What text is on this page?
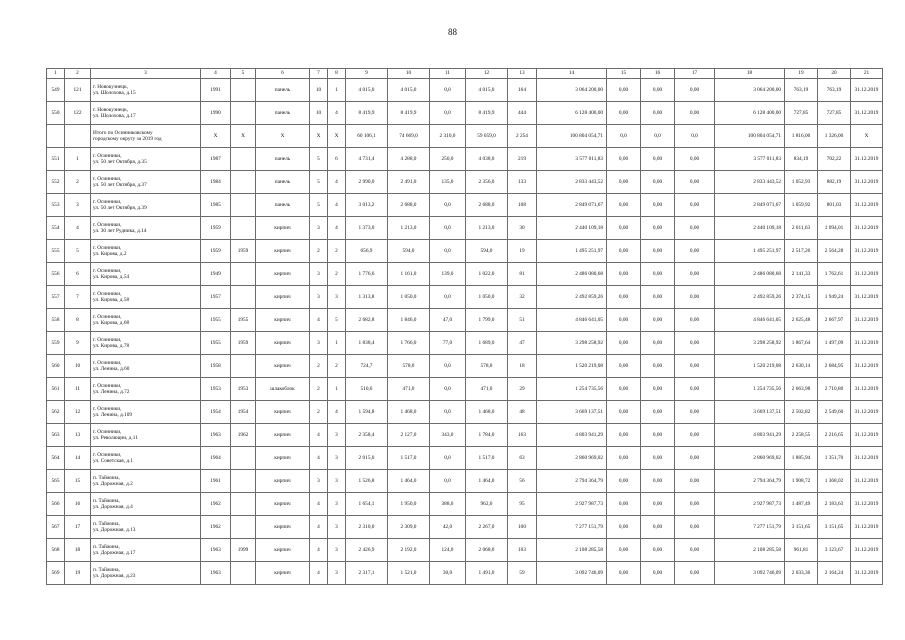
88
1	2	3	4	5	6	7	8	9	10	11	12	13	14	15	16	17	18	19	20	21
549	121	г. Новокузнецк,
ул. Шолохова, д.15	1991		панель	10	1	4 015,0	4 015,0	0,0	4 015,0	164	3 064 200,00	0,00	0,00	0,00	3 064 200,00	763,19	763,19	31.12.2019
550	122	г. Новокузнецк,
ул. Шолохова, д.17	1990		панель	10	4	8 419,9	8 419,9	0,0	8 419,9	444	6 128 400,00	0,00	0,00	0,00	6 128 400,00	727,85	727,85	31.12.2019
		Итого по Осинниковскому
городскому округу за 2019 год	Х	Х	Х	Х	Х	60 106,1	74 669,0	2 310,0	59 059,0	2 254	100 804 054,71	0,0	0,0	0,0	100 804 054,71	1 816,00	1 326,00	Х
551	1	г. Осинники,
ул. 50 лет Октября, д.35	1987		панель	5	6	4 731,4	4 288,0	250,0	4 038,0	219	3 577 011,83	0,00	0,00	0,00	3 577 011,83	834,19	702,22	31.12.2019
552	2	г. Осинники,
ул. 50 лет Октября, д.37	1984		панель	5	4	2 990,0	2 491,0	135,0	2 356,0	133	2 833 443,52	0,00	0,00	0,00	2 833 443,52	1 052,93	882,19	31.12.2019
553	3	г. Осинники,
ул. 50 лет Октября, д.39	1985		панель	5	4	3 013,2	2 688,0	0,0	2 688,0	108	2 849 071,67	0,00	0,00	0,00	2 849 071,67	1 059,92	801,03	31.12.2019
554	4	г. Осинники,
ул. 30 лет Рудника, д.14	1959		кирпич	3	4	1 373,0	1 213,0	0,0	1 213,0	30	2 440 109,18	0,00	0,00	0,00	2 440 109,18	2 011,63	1 094,01	31.12.2019
555	5	г. Осинники,
ул. Кирова, д.2	1959	1959	кирпич	2	2	656,9	594,0	0,0	594,0	19	1 495 251,97	0,00	0,00	0,00	1 495 251,97	2 517,26	2 564,28	31.12.2019
556	6	г. Осинники,
ул. Кирова, д.54	1949		кирпич	3	2	1 776,6	1 161,0	139,0	1 022,0	81	2 486 080,68	0,00	0,00	0,00	2 486 080,68	2 141,33	1 762,61	31.12.2019
557	7	г. Осинники,
ул. Кирова, д.58	1957		кирпич	3	3	1 313,8	1 050,0	0,0	1 050,0	32	2 492 859,26	0,00	0,00	0,00	2 492 859,26	2 374,15	1 949,24	31.12.2019
558	8	г. Осинники,
ул. Кирова, д.68	1955	1955	кирпич	4	5	2 682,8	1 846,0	47,0	1 799,0	51	4 846 641,05	0,00	0,00	0,00	4 846 641,05	2 625,48	2 667,97	31.12.2019
559	9	г. Осинники,
ул. Кирова, д.78	1955	1959	кирпич	3	1	1 838,4	1 766,0	77,0	1 689,0	47	3 298 258,92	0,00	0,00	0,00	3 298 258,92	1 867,64	1 497,09	31.12.2019
560	10	г. Осинники,
ул. Ленина, д.60	1958		кирпич	2	2	724,7	578,0	0,0	578,0	18	1 520 219,08	0,00	0,00	0,00	1 520 219,08	2 630,14	2 684,95	31.12.2019
561	11	г. Осинники,
ул. Ленина, д.72	1953	1953	шлакоблок	2	1	510,6	471,0	0,0	471,0	29	1 254 735,56	0,00	0,00	0,00	1 254 735,56	2 663,98	2 710,80	31.12.2019
562	12	г. Осинники,
ул. Ленина, д.109	1954	1954	кирпич	2	4	1 594,8	1 468,0	0,0	1 468,0	48	3 669 137,51	0,00	0,00	0,00	3 669 137,51	2 502,82	2 549,60	31.12.2019
563	13	г. Осинники,
ул. Революции, д.11	1963	1962	кирпич	4	3	2 358,4	2 127,0	343,0	1 784,0	163	4 803 941,29	0,00	0,00	0,00	4 803 941,29	2 258,55	2 216,65	31.12.2019
564	14	г. Осинники,
ул. Советская, д.1	1964		кирпич	4	3	2 015,0	1 517,0	0,0	1 517,0	63	2 860 969,02	0,00	0,00	0,00	2 860 969,02	1 885,94	1 351,70	31.12.2019
565	15	п. Тайжина,
ул. Дорожная, д.2	1961		кирпич	3	3	1 526,8	1 464,0	0,0	1 464,0	56	2 794 364,79	0,00	0,00	0,00	2 794 364,79	1 908,72	1 368,02	31.12.2019
566	16	п. Тайжина,
ул. Дорожная, д.4	1962		кирпич	4	3	1 654,1	1 950,0	388,0	962,0	95	2 927 987,73	0,00	0,00	0,00	2 927 987,73	1 487,49	2 183,63	31.12.2019
567	17	п. Тайжина,
ул. Дорожная, д.13	1962		кирпич	4	3	2 310,0	2 309,0	42,0	2 267,0	100	7 277 151,79	0,00	0,00	0,00	7 277 151,79	3 151,65	3 151,65	31.12.2019
568	18	п. Тайжина,
ул. Дорожная, д.17	1963	1999	кирпич	4	3	2 426,9	2 192,0	124,0	2 068,0	103	2 108 285,58	0,00	0,00	0,00	2 108 285,58	961,81	3 123,67	31.12.2019
569	19	п. Тайжина,
ул. Дорожная, д.23	1963		кирпич	4	3	2 317,1	1 521,0	30,0	1 491,0	59	3 092 746,09	0,00	0,00	0,00	3 092 746,09	2 033,36	2 164,24	31.12.2019
